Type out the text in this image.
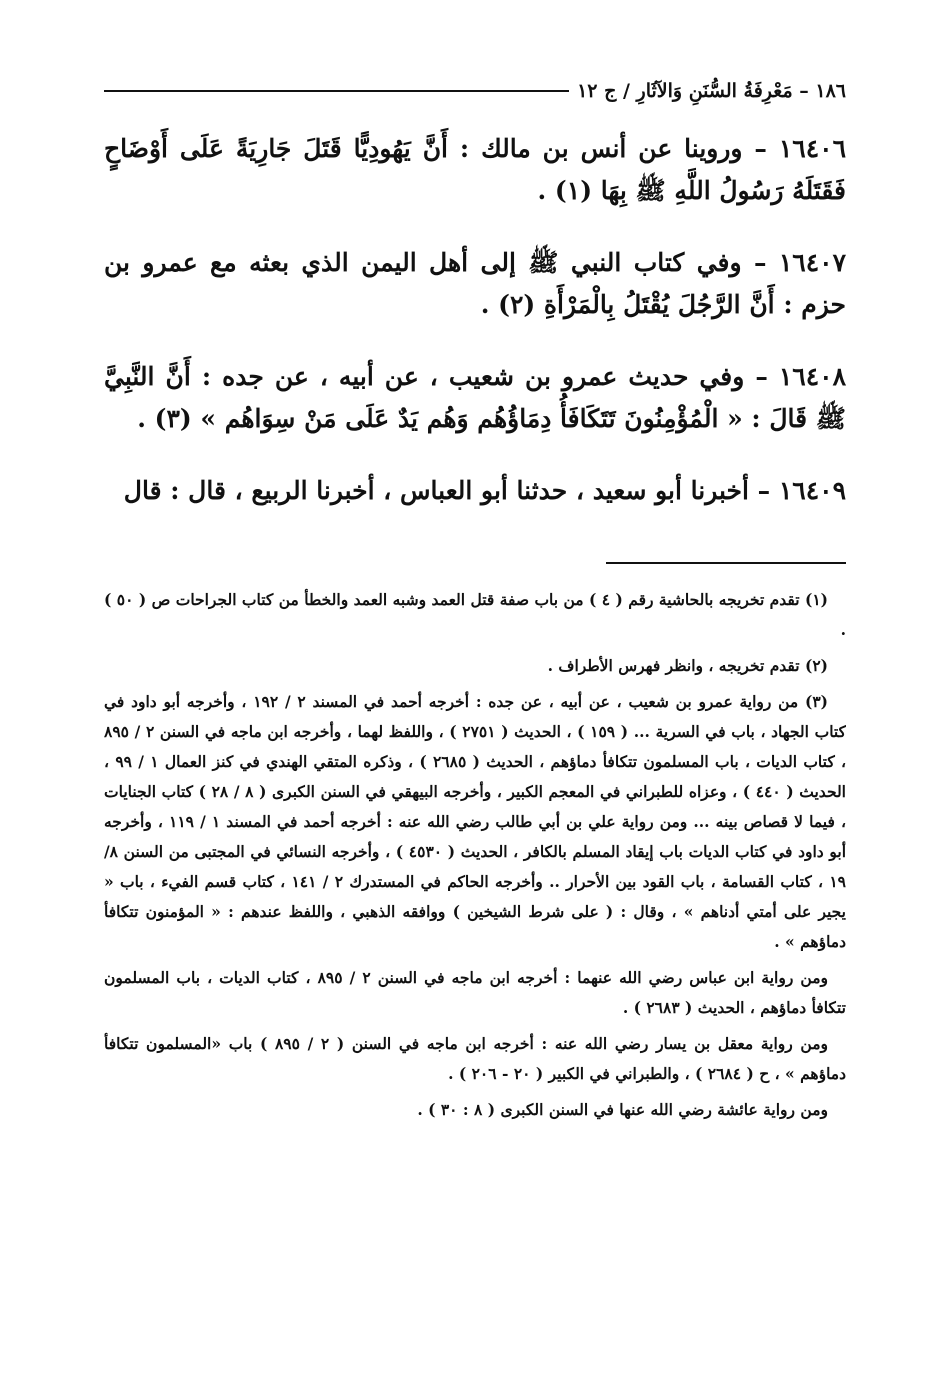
١٨٦ – مَعْرِفَةُ السُّنَنِ وَالآثَارِ / ج ١٢

١٦٤٠٦ – وروينا عن أنس بن مالك : أَنَّ يَهُودِيًّا قَتَلَ جَارِيَةً عَلَى أَوْضَاحٍ فَقَتَلَهُ رَسُولُ اللَّهِ ﷺ بِهَا (١) .

١٦٤٠٧ – وفي كتاب النبي ﷺ إلى أهل اليمن الذي بعثه مع عمرو بن حزم : أَنَّ الرَّجُلَ يُقْتَلُ بِالْمَرْأَةِ (٢) .

١٦٤٠٨ – وفي حديث عمرو بن شعيب ، عن أبيه ، عن جده : أَنَّ النَّبِيَّ ﷺ قَالَ : « الْمُؤْمِنُونَ تَتَكَافَأُ دِمَاؤُهُم وَهُم يَدٌ عَلَى مَنْ سِوَاهُم » (٣) .

١٦٤٠٩ – أخبرنا أبو سعيد ، حدثنا أبو العباس ، أخبرنا الربيع ، قال : قال

(١) تقدم تخريجه بالحاشية رقم ( ٤ ) من باب صفة قتل العمد وشبه العمد والخطأ من كتاب الجراحات ص ( ٥٠ ) .

(٢) تقدم تخريجه ، وانظر فهرس الأطراف .

(٣) من رواية عمرو بن شعيب ، عن أبيه ، عن جده : أخرجه أحمد في المسند ٢ / ١٩٢ ، وأخرجه أبو داود في كتاب الجهاد ، باب في السرية ... ( ١٥٩ ) ، الحديث ( ٢٧٥١ ) ، واللفظ لهما ، وأخرجه ابن ماجه في السنن ٢ / ٨٩٥ ، كتاب الديات ، باب المسلمون تتكافأ دماؤهم ، الحديث ( ٢٦٨٥ ) ، وذكره المتقي الهندي في كنز العمال ١ / ٩٩ ، الحديث ( ٤٤٠ ) ، وعزاه للطبراني في المعجم الكبير ، وأخرجه البيهقي في السنن الكبرى ( ٨ / ٢٨ ) كتاب الجنايات ، فيما لا قصاص بينه ... ومن رواية علي بن أبي طالب رضي الله عنه : أخرجه أحمد في المسند ١ / ١١٩ ، وأخرجه أبو داود في كتاب الديات باب إيقاد المسلم بالكافر ، الحديث ( ٤٥٣٠ ) ، وأخرجه النسائي في المجتبى من السنن ٨/ ١٩ ، كتاب القسامة ، باب القود بين الأحرار .. وأخرجه الحاكم في المستدرك ٢ / ١٤١ ، كتاب قسم الفيء ، باب « يجير على أمتي أدناهم » ، وقال : ( على شرط الشيخين ) ووافقه الذهبي ، واللفظ عندهم : « المؤمنون تتكافأ دماؤهم » .

ومن رواية ابن عباس رضي الله عنهما : أخرجه ابن ماجه في السنن ٢ / ٨٩٥ ، كتاب الديات ، باب المسلمون تتكافأ دماؤهم ، الحديث ( ٢٦٨٣ ) .

ومن رواية معقل بن يسار رضي الله عنه : أخرجه ابن ماجه في السنن ( ٢ / ٨٩٥ ) باب «المسلمون تتكافأ دماؤهم » ، ح ( ٢٦٨٤ ) ، والطبراني في الكبير ( ٢٠ - ٢٠٦ ) .

ومن رواية عائشة رضي الله عنها في السنن الكبرى ( ٨ : ٣٠ ) .
